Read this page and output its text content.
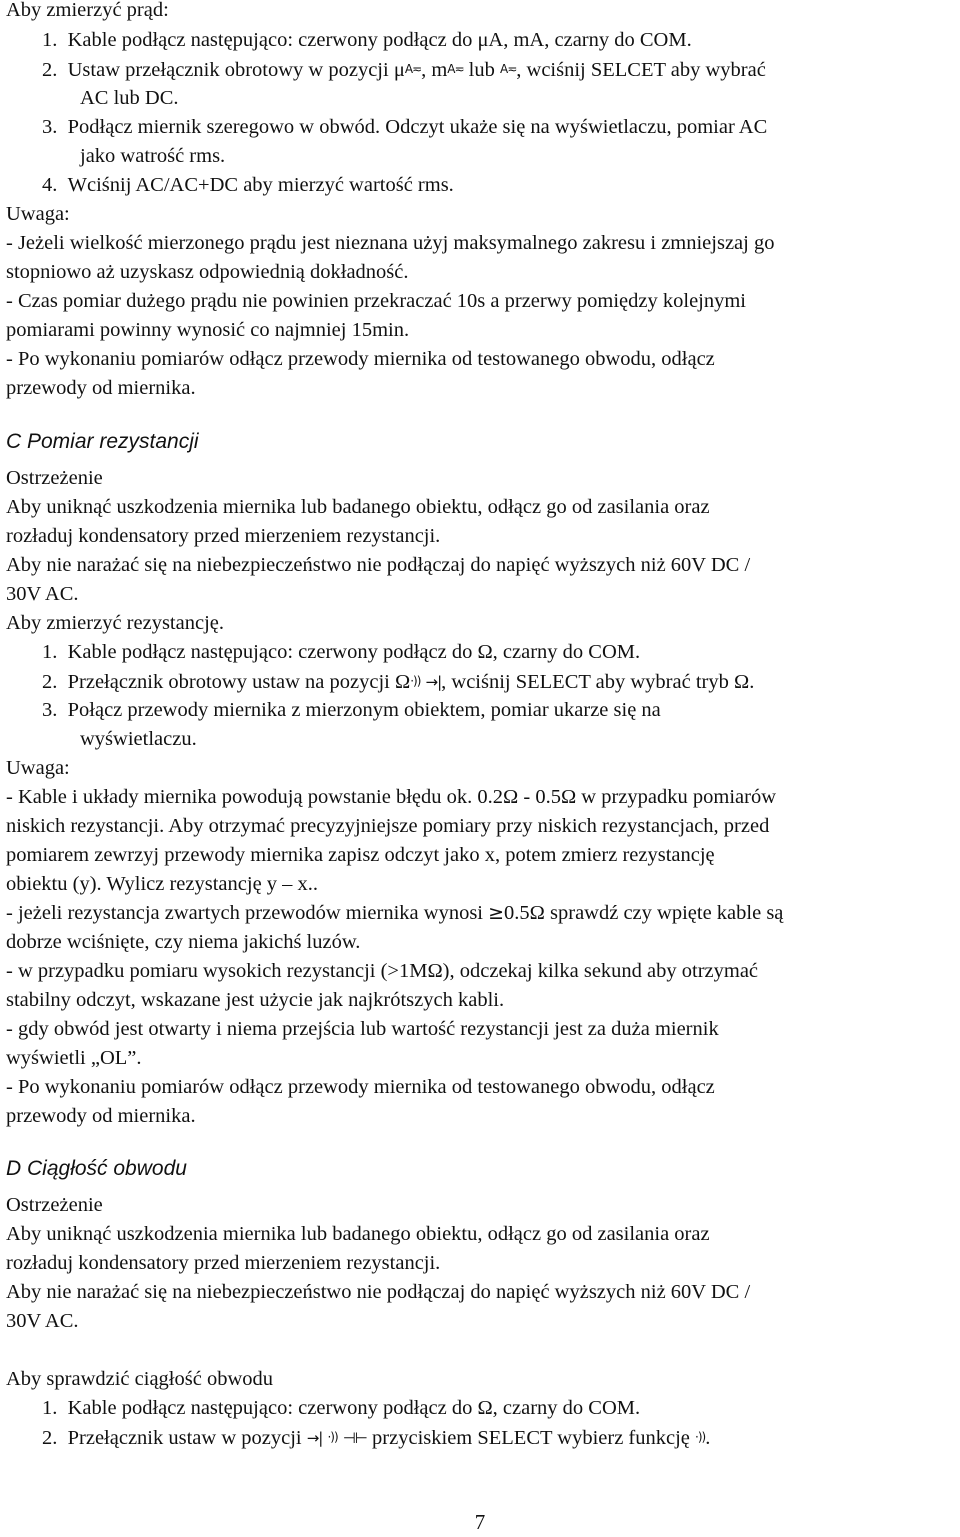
Aby zmierzyć prąd:
1. Kable podłącz następująco: czerwony podłącz do μA, mA, czarny do COM.
2. Ustaw przełącznik obrotowy w pozycji μA≂, mA≂ lub A≂, wciśnij SELCET aby wybrać
AC lub DC.
3. Podłącz miernik szeregowo w obwód. Odczyt ukaże się na wyświetlaczu, pomiar AC
jako watrość rms.
4. Wciśnij AC/AC+DC aby mierzyć wartość rms.
Uwaga:
- Jeżeli wielkość mierzonego prądu jest nieznana użyj maksymalnego zakresu i zmniejszaj go
stopniowo aż uzyskasz odpowiednią dokładność.
- Czas pomiar dużego prądu nie powinien przekraczać 10s a przerwy pomiędzy kolejnymi
pomiarami powinny wynosić co najmniej 15min.
- Po wykonaniu pomiarów odłącz przewody miernika od testowanego obwodu, odłącz
przewody od miernika.
C Pomiar rezystancji
Ostrzeżenie
Aby uniknąć uszkodzenia miernika lub badanego obiektu, odłącz go od zasilania oraz
rozładuj kondensatory przed mierzeniem rezystancji.
Aby nie narażać się na niebezpieczeństwo nie podłączaj do napięć wyższych niż 60V DC /
30V AC.
Aby zmierzyć rezystancję.
1. Kable podłącz następująco: czerwony podłącz do Ω, czarny do COM.
2. Przełącznik obrotowy ustaw na pozycji Ω·)) →|, wciśnij SELECT aby wybrać tryb Ω.
3. Połącz przewody miernika z mierzonym obiektem, pomiar ukarze się na
wyświetlaczu.
Uwaga:
- Kable i układy miernika powodują powstanie błędu ok. 0.2Ω - 0.5Ω w przypadku pomiarów
niskich rezystancji. Aby otrzymać precyzyjniejsze pomiary przy niskich rezystancjach, przed
pomiarem zewrzyj przewody miernika zapisz odczyt jako x, potem zmierz rezystancję
obiektu (y). Wylicz rezystancję y – x..
- jeżeli rezystancja zwartych przewodów miernika wynosi ≥0.5Ω sprawdź czy wpięte kable są
dobrze wciśnięte, czy niema jakichś luzów.
- w przypadku pomiaru wysokich rezystancji (>1MΩ), odczekaj kilka sekund aby otrzymać
stabilny odczyt, wskazane jest użycie jak najkrótszych kabli.
- gdy obwód jest otwarty i niema przejścia lub wartość rezystancji jest za duża miernik
wyświetli „OL”.
- Po wykonaniu pomiarów odłącz przewody miernika od testowanego obwodu, odłącz
przewody od miernika.
D Ciągłość obwodu
Ostrzeżenie
Aby uniknąć uszkodzenia miernika lub badanego obiektu, odłącz go od zasilania oraz
rozładuj kondensatory przed mierzeniem rezystancji.
Aby nie narażać się na niebezpieczeństwo nie podłączaj do napięć wyższych niż 60V DC /
30V AC.
Aby sprawdzić ciągłość obwodu
1. Kable podłącz następująco: czerwony podłącz do Ω, czarny do COM.
2. Przełącznik ustaw w pozycji →| ·)) ⊣⊢ przyciskiem SELECT wybierz funkcję ·)).
7
